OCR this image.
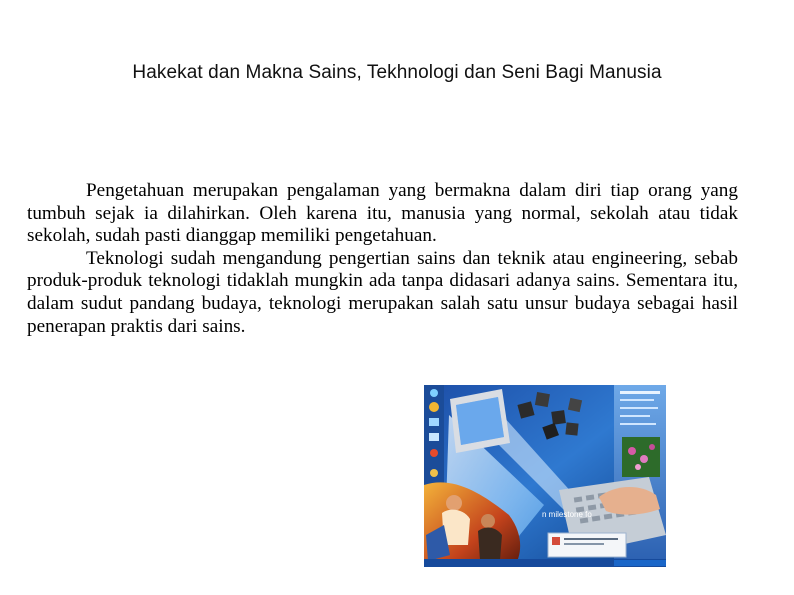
Hakekat dan Makna Sains, Tekhnologi dan Seni Bagi Manusia

Pengetahuan merupakan pengalaman yang bermakna dalam diri tiap orang yang tumbuh sejak ia dilahirkan. Oleh karena itu, manusia yang normal, sekolah atau tidak sekolah, sudah pasti dianggap memiliki pengetahuan.

Teknologi sudah mengandung pengertian sains dan teknik atau engineering, sebab produk-produk teknologi tidaklah mungkin ada tanpa didasari adanya sains. Sementara itu, dalam sudut pandang budaya, teknologi merupakan salah satu unsur budaya sebagai hasil penerapan praktis dari sains.

n milestone fo
